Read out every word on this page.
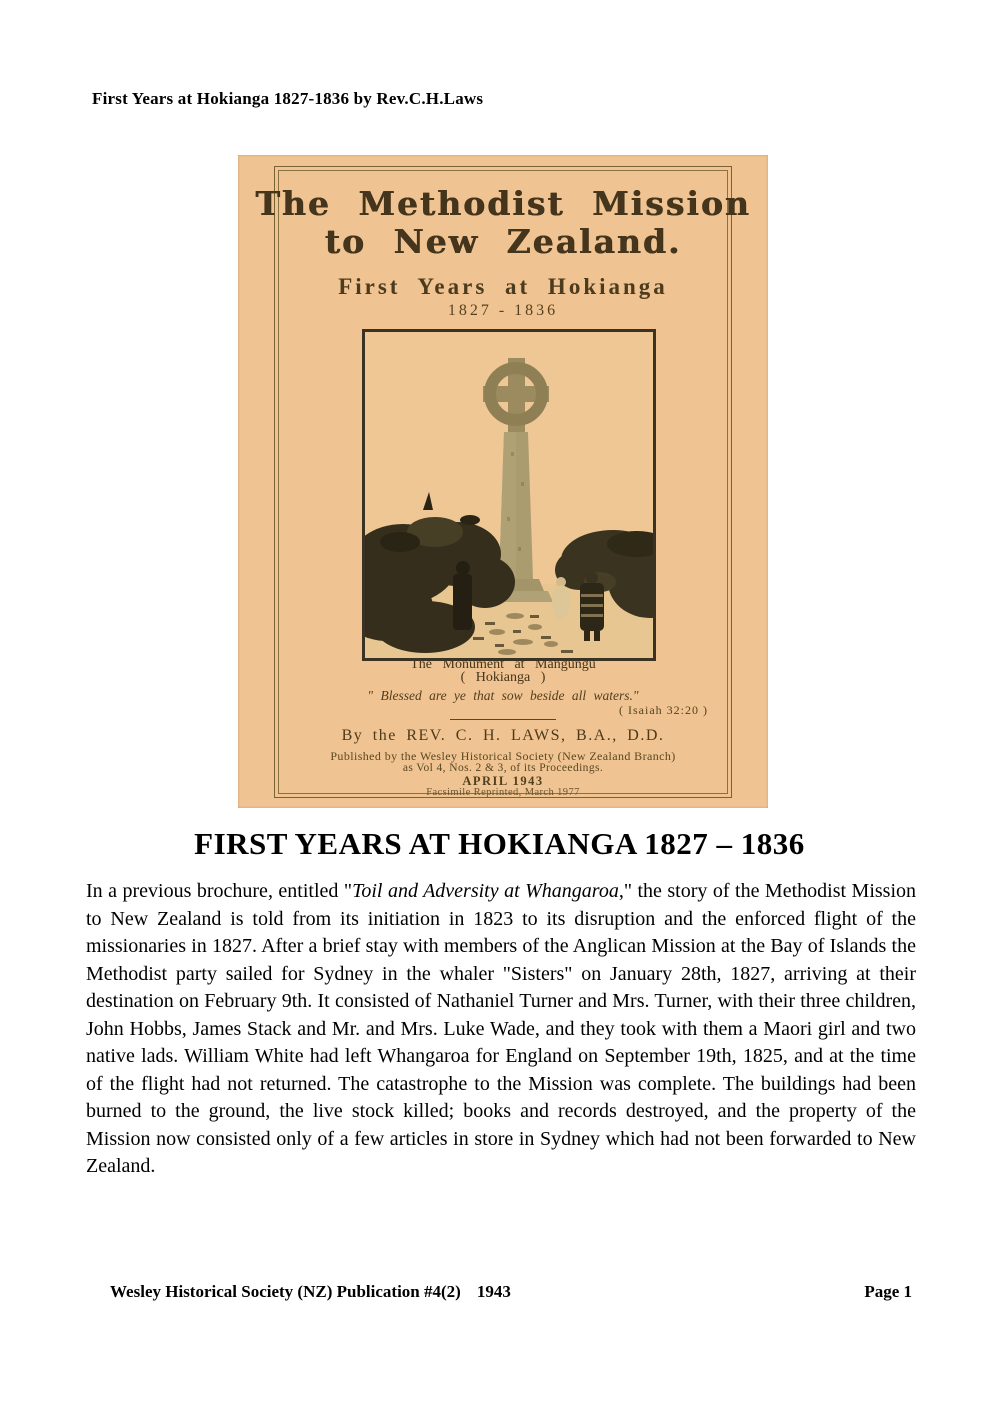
First Years at Hokianga 1827-1836 by Rev.C.H.Laws
The Methodist Mission
to New Zealand.
First Years at Hokianga
1827 - 1836
The Monument at Mangungu
( Hokianga )
" Blessed are ye that sow beside all waters."
( Isaiah 32:20 )
By the REV. C. H. LAWS, B.A., D.D.
Published by the Wesley Historical Society (New Zealand Branch)
as Vol 4, Nos. 2 & 3, of its Proceedings.
APRIL 1943
Facsimile Reprinted, March 1977
FIRST YEARS AT HOKIANGA 1827 – 1836
In a previous brochure, entitled "Toil and Adversity at Whangaroa," the story of the Methodist Mission to New Zealand is told from its initiation in 1823 to its disruption and the enforced flight of the missionaries in 1827. After a brief stay with members of the Anglican Mission at the Bay of Islands the Methodist party sailed for Sydney in the whaler "Sisters" on January 28th, 1827, arriving at their destination on February 9th. It consisted of Nathaniel Turner and Mrs. Turner, with their three children, John Hobbs, James Stack and Mr. and Mrs. Luke Wade, and they took with them a Maori girl and two native lads. William White had left Whangaroa for England on September 19th, 1825, and at the time of the flight had not returned. The catastrophe to the Mission was complete. The buildings had been burned to the ground, the live stock killed; books and records destroyed, and the property of the Mission now consisted only of a few articles in store in Sydney which had not been forwarded to New Zealand.
Wesley Historical Society (NZ) Publication #4(2) 1943	Page 1
